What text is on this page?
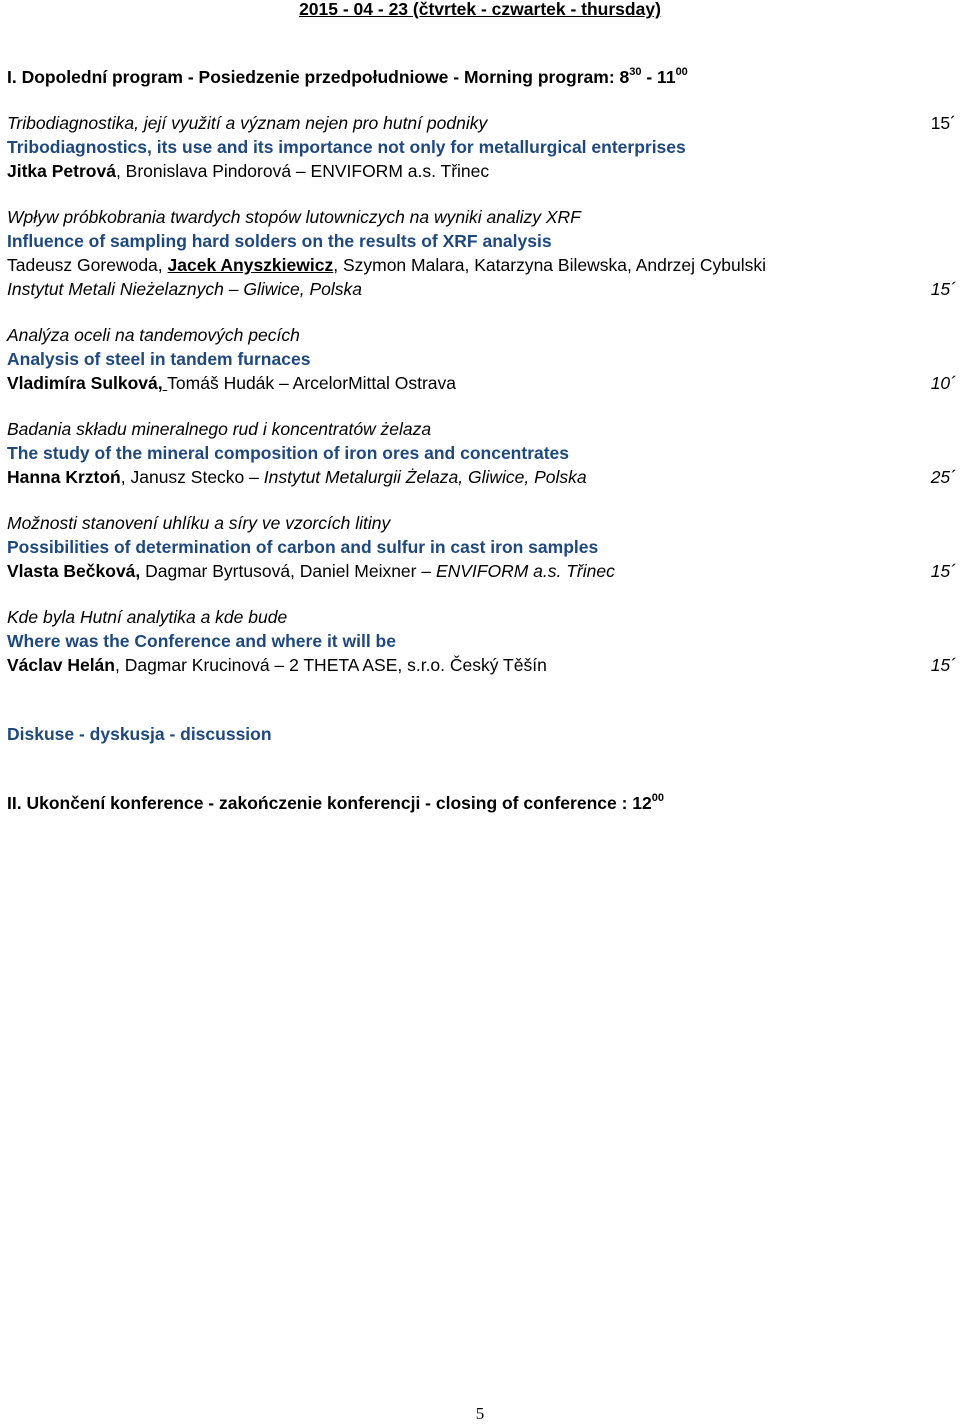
2015 - 04 - 23 (čtvrtek - czwartek - thursday)
I. Dopolední program - Posiedzenie przedpołudniowe - Morning program: $8^{30} - 11^{00}$
Tribodiagnostika, její využití a význam nejen pro hutní podniky	15´
Tribodiagnostics, its use and its importance not only for metallurgical enterprises
Jitka Petrová, Bronislava Pindorová – ENVIFORM a.s. Třinec
Wpływ próbkobrania twardych stopów lutowniczych na wyniki analizy XRF
Influence of sampling hard solders on the results of XRF analysis
Tadeusz Gorewoda, Jacek Anyszkiewicz, Szymon Malara, Katarzyna Bilewska, Andrzej Cybulski
Instytut Metali Nieżelaznych – Gliwice, Polska	15´
Analýza oceli na tandemových pecích
Analysis of steel in tandem furnaces
Vladimíra Sulková, Tomáš Hudák – ArcelorMittal Ostrava	10´
Badania składu mineralnego rud i koncentratów żelaza
The study of the mineral composition of iron ores and concentrates
Hanna Krztoń, Janusz Stecko – Instytut Metalurgii Żelaza, Gliwice, Polska	25´
Možnosti stanovení uhlíku a síry ve vzorcích litiny
Possibilities of determination of carbon and sulfur in cast iron samples
Vlasta Bečková, Dagmar Byrtusová, Daniel Meixner – ENVIFORM a.s. Třinec	15´
Kde byla Hutní analytika a kde bude
Where was the Conference and where it will be
Václav Helán, Dagmar Krucinová – 2 THETA ASE, s.r.o. Český Těšín	15´
Diskuse - dyskusja - discussion
II. Ukončení konference - zakończenie konferencji - closing of conference : $12^{00}$
5
